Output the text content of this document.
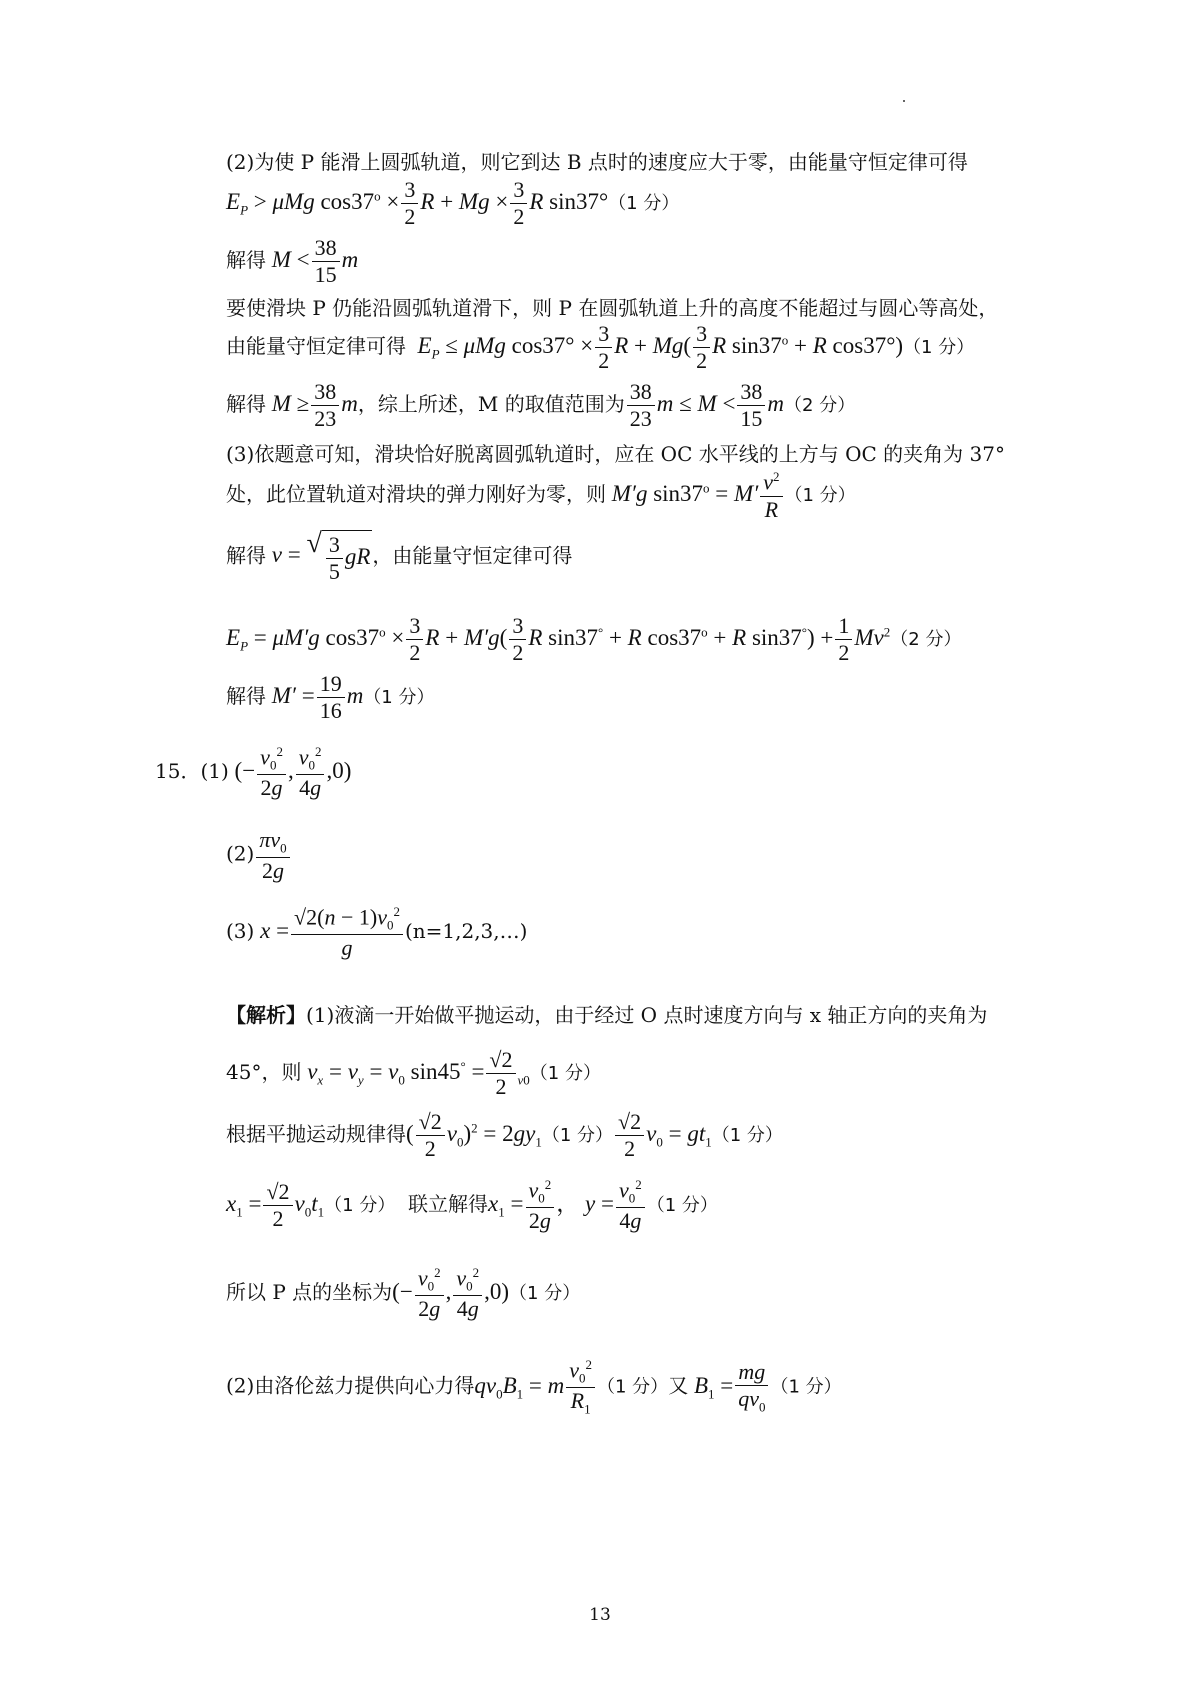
(2)为使 P 能滑上圆弧轨道，则它到达 B 点时的速度应大于零，由能量守恒定律可得
$E_P > \mu Mg$ $\cos 37^o \times \frac{3}{2}$ $R + Mg \times \frac{3}{2}$ R sin37°（1 分）
解得 $M < \frac{38}{15}$ m
要使滑块 P 仍能沿圆弧轨道滑下，则 P 在圆弧轨道上升的高度不能超过与圆心等高处，
由能量守恒定律可得 $E_P \le \mu Mg$ $\cos 37^\circ \times \frac{3}{2}$ $R + Mg( \frac{3}{2}$ R $\sin 37^o + R$ cos37°)（1 分）
解得 $M \ge \frac{38}{23}$ m，综上所述，M 的取值范围为 $\frac{38}{23}$ $m \le M < \frac{38}{15} m(2$ 分）
(3)依题意可知，滑块恰好脱离圆弧轨道时，应在 OC 水平线的上方与 OC 的夹角为 37°
处，此位置轨道对滑块的弹力刚好为零，则 M′g $\sin 37^o = M' \frac{v^2}{R} (1$ 分）
解得 v = √ $\frac{3}{5}$ gR ，由能量守恒定律可得
$E_P = \mu M'g$ $\cos 37^o \times \frac{3}{2}$ $R + M'g( \frac{3}{2}$ R sin37° + R $\cos 37^o + R$ $\sin 37^\circ) + \frac{1}{2} Mv^2(2$ 分）
解得 $M' = \frac{19}{16} m(1$ 分）
15．(1) (− $\frac{v_0^2}{2g}$ , $\frac{v_0^2}{4g} ,0$)
$(2) \frac{\pi v_0}{2g}$
(3) $x = \frac{√2(n - 1)v_0^2}{g}$ (n=1,2,3,…)
【解析】(1)液滴一开始做平抛运动，由于经过 O 点时速度方向与 x 轴正方向的夹角为
45°，则 $v_x = v_y = v_0$ $\sin 45^\circ = \frac{√2}{2} _{v0}(1$ 分）
根据平抛运动规律得( $\frac{√2}{2} v_0)^2 = 2gy_1(1$ 分） $\frac{√2}{2} v_0 = gt_1(1$ 分）
$x_1 = \frac{√2}{2} v_0t_1(1$ 分） 联立解得$x_1 = \frac{v_0^2}{2g}$ ， $y = \frac{v_0^2}{4g} (1$ 分）
所以 P 点的坐标为(− $\frac{v_0^2}{2g}$ , $\frac{v_0^2}{4g} ,0)(1$ 分）
(2)由洛伦兹力提供向心力得$qv_0B_1 = m \frac{v_0^2}{R_1} (1$ 分）又 $B_1 = \frac{mg}{qv_0} (1$ 分）
13
